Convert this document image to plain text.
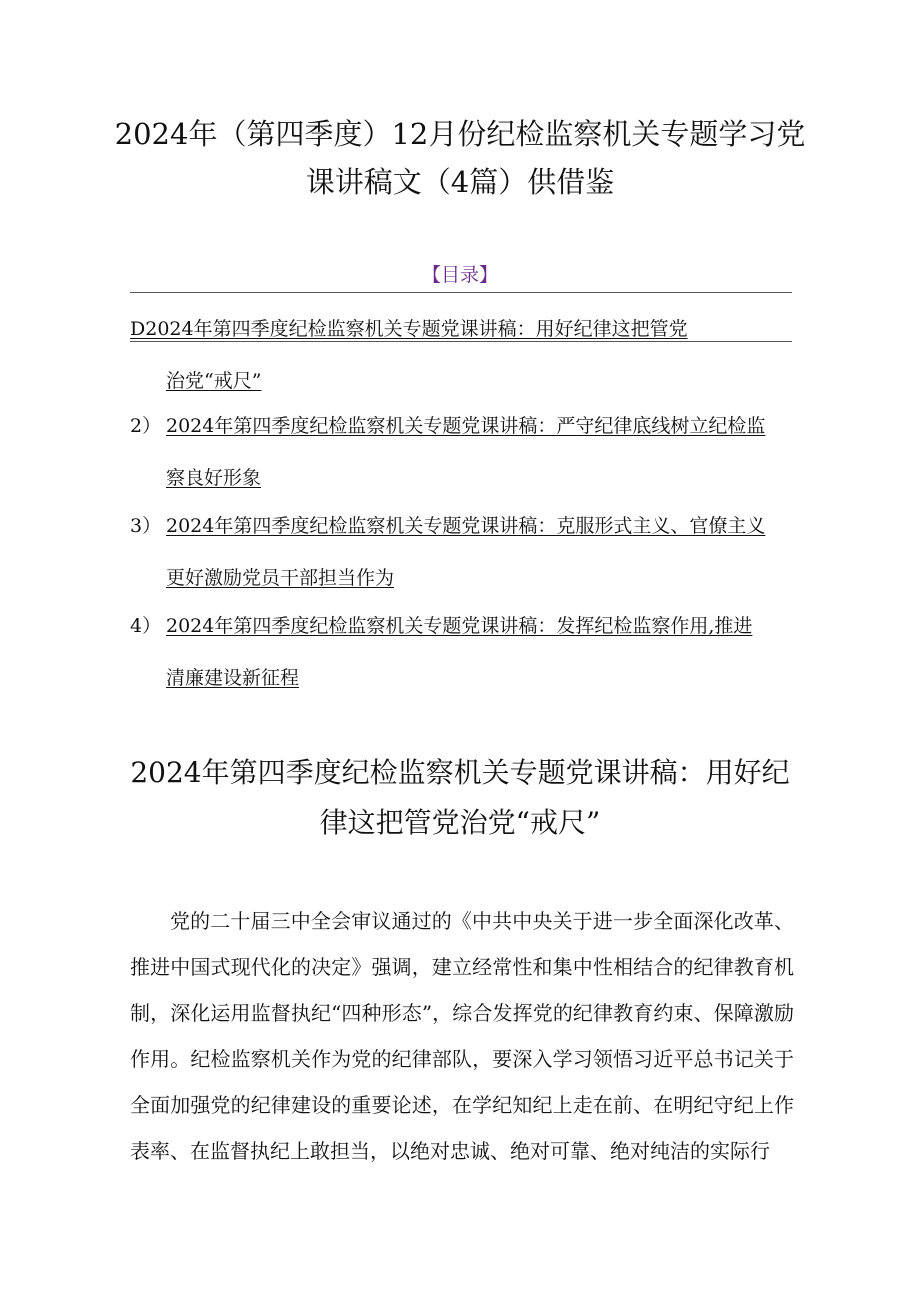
2024年（第四季度）12月份纪检监察机关专题学习党
课讲稿文（4篇）供借鉴
【目录】
D2024年第四季度纪检监察机关专题党课讲稿：用好纪律这把管党
治党“戒尺”
2） 2024年第四季度纪检监察机关专题党课讲稿：严守纪律底线树立纪检监
察良好形象
3） 2024年第四季度纪检监察机关专题党课讲稿：克服形式主义、官僚主义
更好激励党员干部担当作为
4） 2024年第四季度纪检监察机关专题党课讲稿：发挥纪检监察作用,推进
清廉建设新征程
2024年第四季度纪检监察机关专题党课讲稿：用好纪
律这把管党治党“戒尺”

党的二十届三中全会审议通过的《中共中央关于进一步全面深化改革、推进中国式现代化的决定》强调，建立经常性和集中性相结合的纪律教育机制，深化运用监督执纪“四种形态”，综合发挥党的纪律教育约束、保障激励作用。纪检监察机关作为党的纪律部队，要深入学习领悟习近平总书记关于全面加强党的纪律建设的重要论述，在学纪知纪上走在前、在明纪守纪上作表率、在监督执纪上敢担当，以绝对忠诚、绝对可靠、绝对纯洁的实际行
